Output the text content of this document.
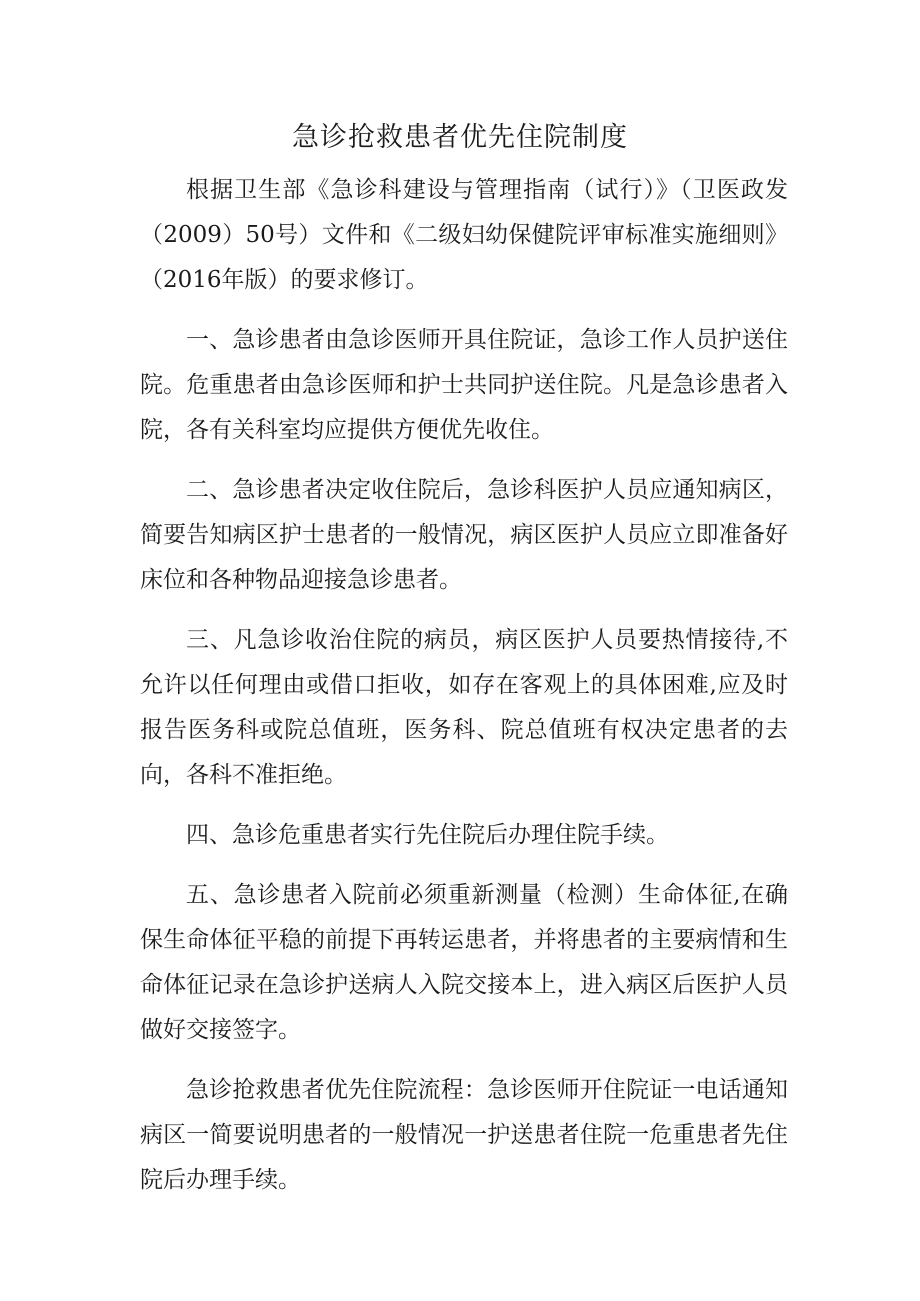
急诊抢救患者优先住院制度

根据卫生部《急诊科建设与管理指南（试行）》（卫医政发（2009）50号）文件和《二级妇幼保健院评审标准实施细则》（2016年版）的要求修订。

一、急诊患者由急诊医师开具住院证，急诊工作人员护送住院。危重患者由急诊医师和护士共同护送住院。凡是急诊患者入院，各有关科室均应提供方便优先收住。

二、急诊患者决定收住院后，急诊科医护人员应通知病区，简要告知病区护士患者的一般情况，病区医护人员应立即准备好床位和各种物品迎接急诊患者。

三、凡急诊收治住院的病员，病区医护人员要热情接待,不允许以任何理由或借口拒收，如存在客观上的具体困难,应及时报告医务科或院总值班，医务科、院总值班有权决定患者的去向，各科不准拒绝。

四、急诊危重患者实行先住院后办理住院手续。

五、急诊患者入院前必须重新测量（检测）生命体征,在确保生命体征平稳的前提下再转运患者，并将患者的主要病情和生命体征记录在急诊护送病人入院交接本上，进入病区后医护人员做好交接签字。

急诊抢救患者优先住院流程：急诊医师开住院证一电话通知病区一简要说明患者的一般情况一护送患者住院一危重患者先住院后办理手续。
